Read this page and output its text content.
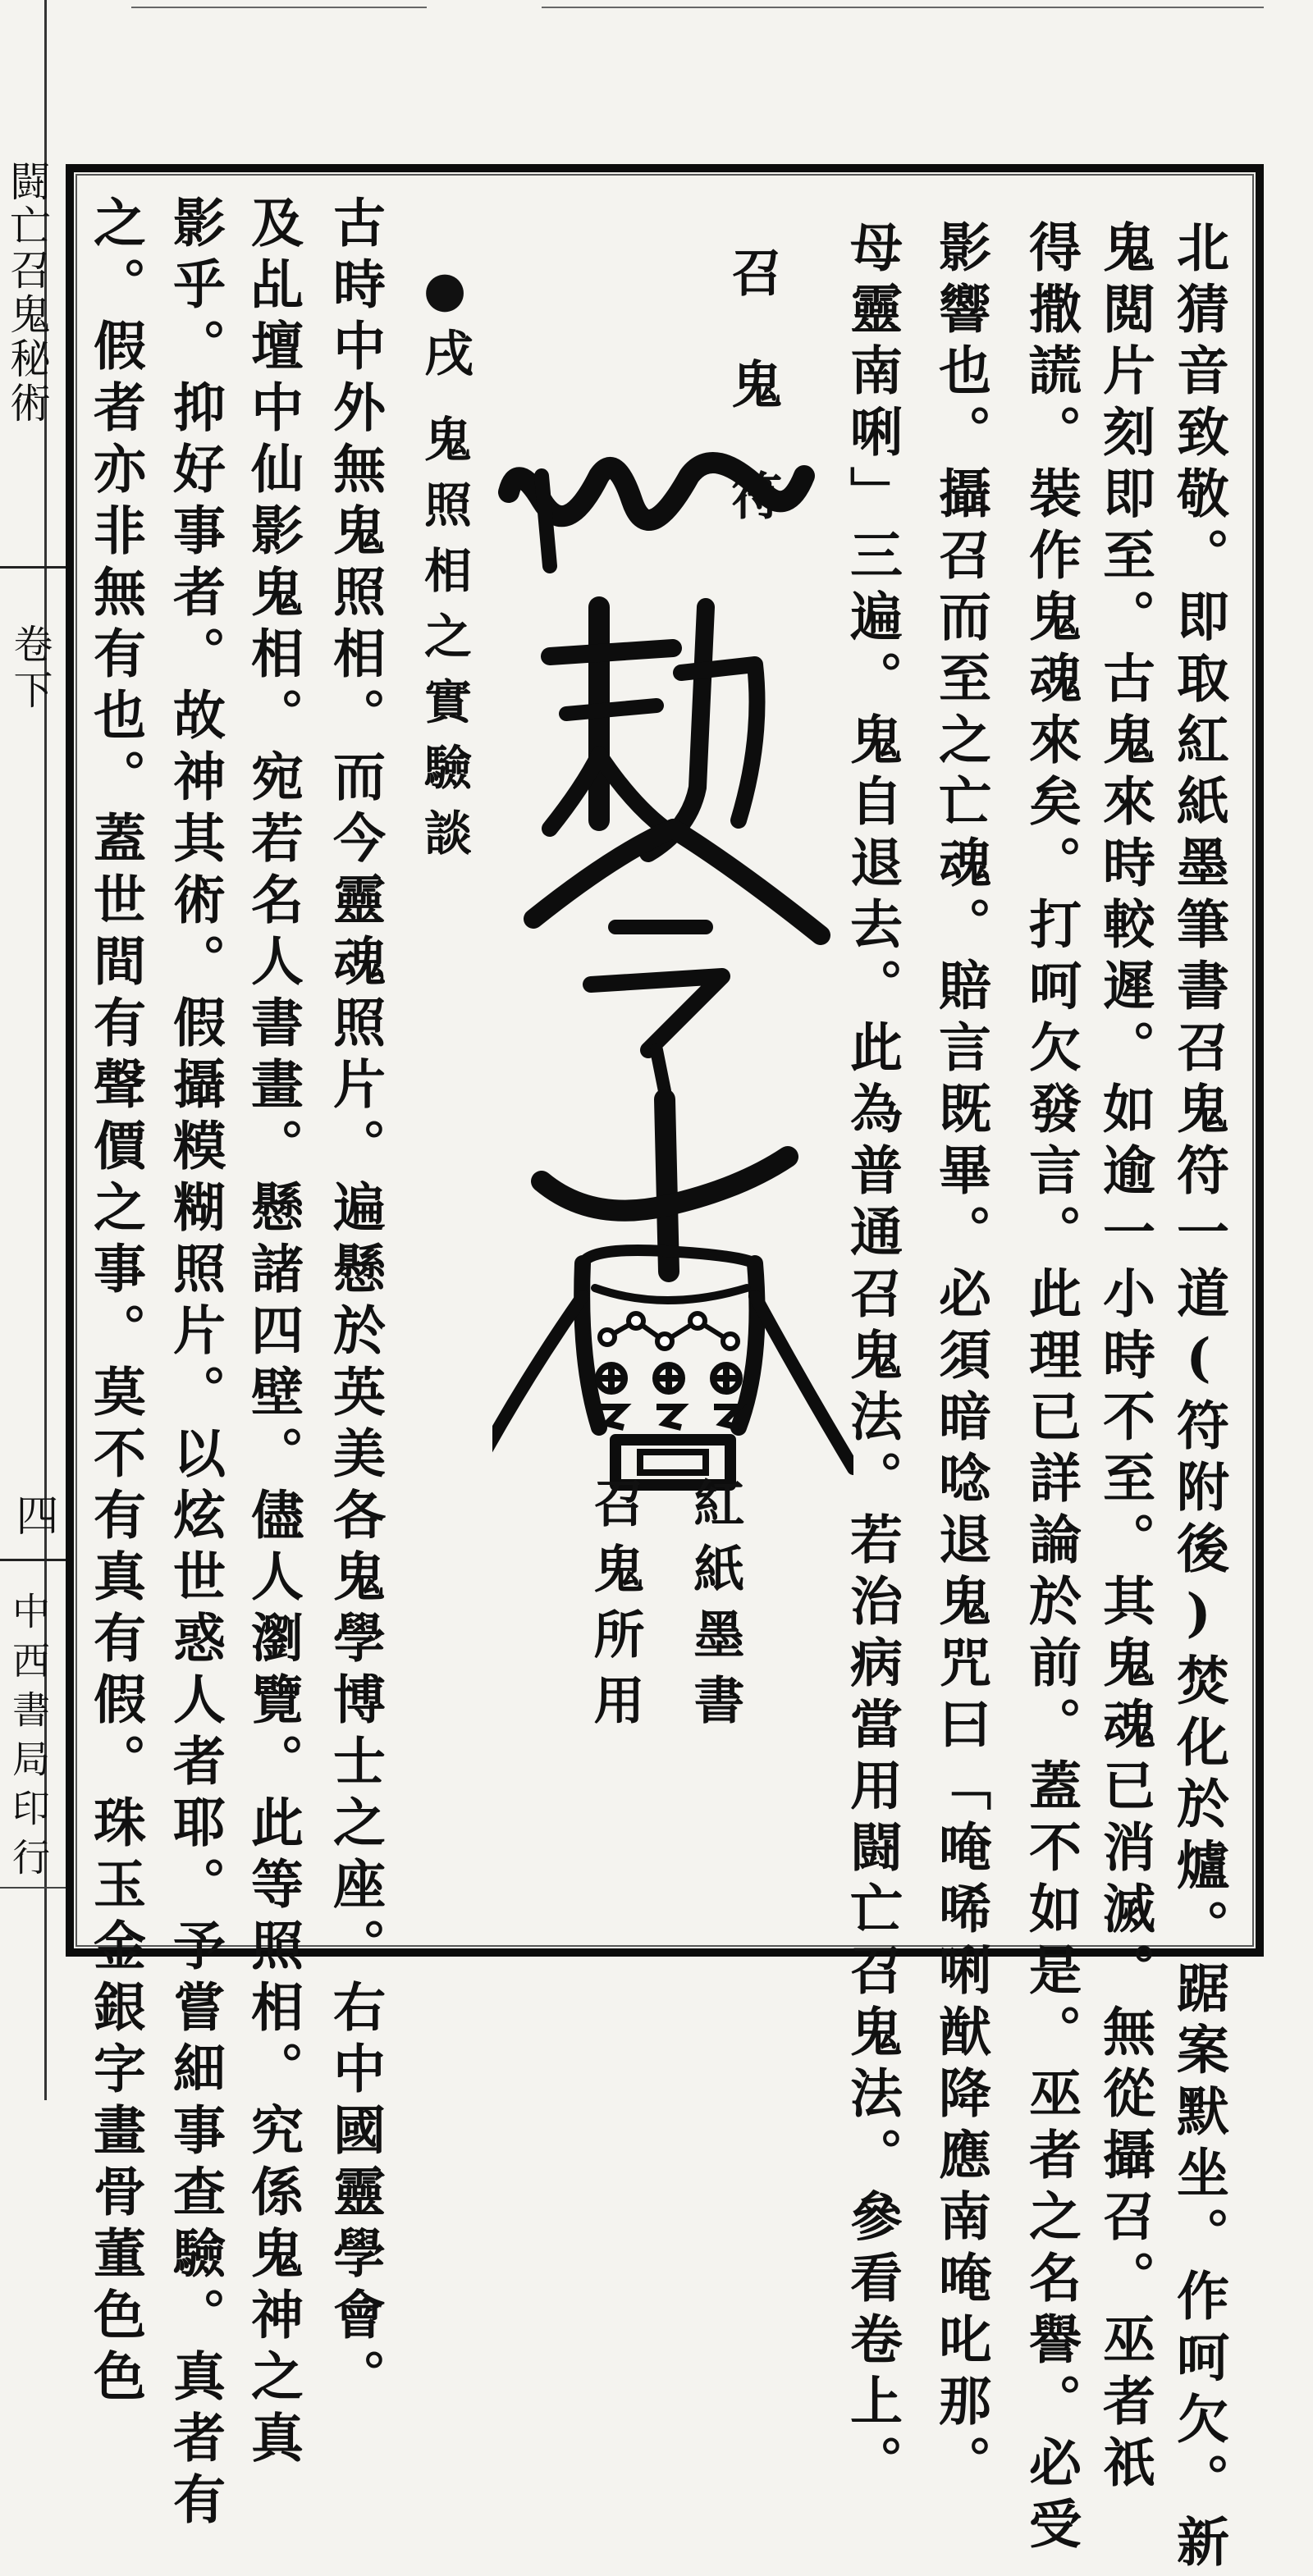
闘亡召鬼秘術
卷下
四
中西書局印行	北猜音致敬。即取紅紙墨筆書召鬼符一道(符附後)焚化於爐。踞案默坐。作呵欠。新
鬼閲片刻即至。古鬼來時較遲。如逾一小時不至。其鬼魂已消滅。無從攝召。巫者祇
得撒謊。裝作鬼魂來矣。打呵欠發言。此理已詳論於前。蓋不如是。巫者之名譽。必受
影響也。攝召而至之亡魂。賠言既畢。必須暗唸退鬼咒曰「唵唏唎猷降應南唵叱那。
母靈南唎」三遍。鬼自退去。此為普通召鬼法。若治病當用闘亡召鬼法。參看卷上。
召鬼符
罡勅令
紅紙墨書
召鬼所用
●戌
鬼照相之實驗談
古時中外無鬼照相。而今靈魂照片。遍懸於英美各鬼學博士之座。右中國靈學會。
及乩壇中仙影鬼相。宛若名人書畫。懸諸四壁。儘人瀏覽。此等照相。究係鬼神之真
影乎。抑好事者。故神其術。假攝糢糊照片。以炫世惑人者耶。予嘗細事查驗。真者有
之。假者亦非無有也。蓋世間有聲價之事。莫不有真有假。珠玉金銀字畫骨董色色
